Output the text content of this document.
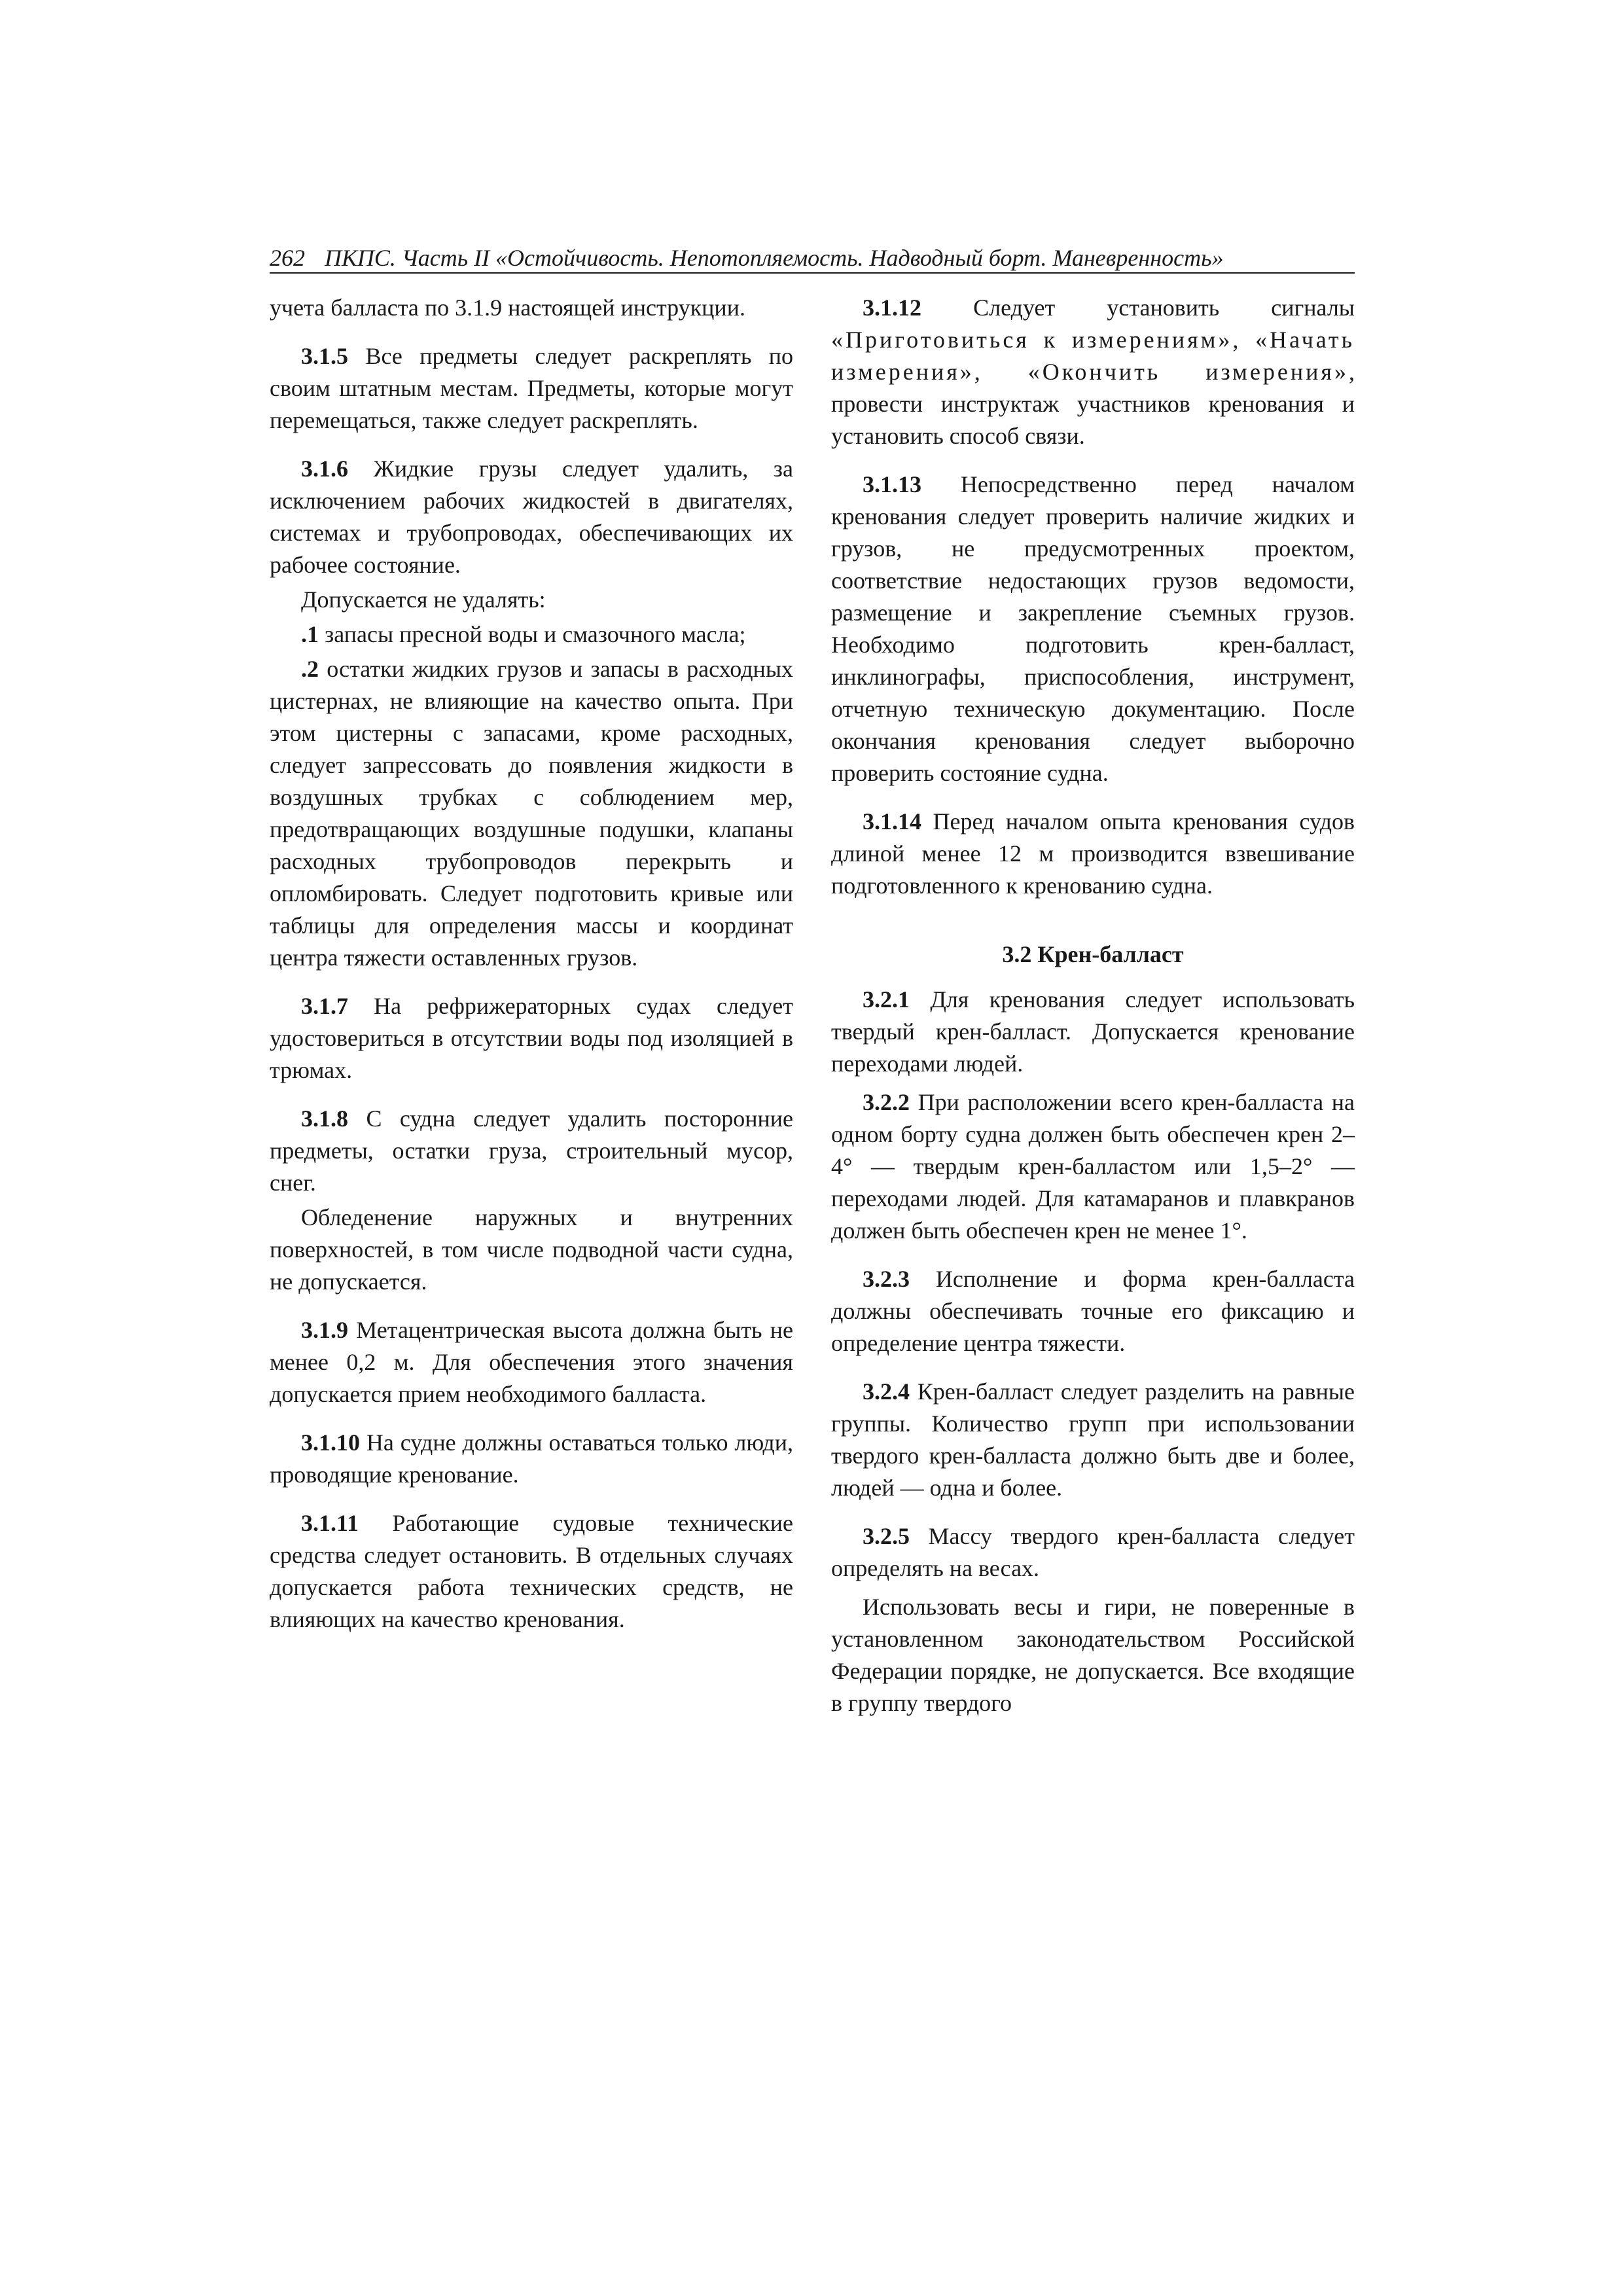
262 ПКПС. Часть II «Остойчивость. Непотопляемость. Надводный борт. Маневренность»

учета балласта по 3.1.9 настоящей инструкции.

3.1.5 Все предметы следует раскреплять по своим штатным местам. Предметы, которые могут перемещаться, также следует раскреплять.

3.1.6 Жидкие грузы следует удалить, за исключением рабочих жидкостей в двигателях, системах и трубопроводах, обеспечивающих их рабочее состояние.

Допускается не удалять:

.1 запасы пресной воды и смазочного масла;

.2 остатки жидких грузов и запасы в расходных цистернах, не влияющие на качество опыта. При этом цистерны с запасами, кроме расходных, следует запрессовать до появления жидкости в воздушных трубках с соблюдением мер, предотвращающих воздушные подушки, клапаны расходных трубопроводов перекрыть и опломбировать. Следует подготовить кривые или таблицы для определения массы и координат центра тяжести оставленных грузов.

3.1.7 На рефрижераторных судах следует удостовериться в отсутствии воды под изоляцией в трюмах.

3.1.8 С судна следует удалить посторонние предметы, остатки груза, строительный мусор, снег.

Обледенение наружных и внутренних поверхностей, в том числе подводной части судна, не допускается.

3.1.9 Метацентрическая высота должна быть не менее 0,2 м. Для обеспечения этого значения допускается прием необходимого балласта.

3.1.10 На судне должны оставаться только люди, проводящие кренование.

3.1.11 Работающие судовые технические средства следует остановить. В отдельных случаях допускается работа технических средств, не влияющих на качество кренования.

3.1.12 Следует установить сигналы «Приготовиться к измерениям», «Начать измерения», «Окончить измерения», провести инструктаж участников кренования и установить способ связи.

3.1.13 Непосредственно перед началом кренования следует проверить наличие жидких и грузов, не предусмотренных проектом, соответствие недостающих грузов ведомости, размещение и закрепление съемных грузов. Необходимо подготовить крен-балласт, инклинографы, приспособления, инструмент, отчетную техническую документацию. После окончания кренования следует выборочно проверить состояние судна.

3.1.14 Перед началом опыта кренования судов длиной менее 12 м производится взвешивание подготовленного к кренованию судна.

3.2 Крен-балласт

3.2.1 Для кренования следует использовать твердый крен-балласт. Допускается кренование переходами людей.

3.2.2 При расположении всего крен-балласта на одном борту судна должен быть обеспечен крен 2–4° — твердым крен-балластом или 1,5–2° — переходами людей. Для катамаранов и плавкранов должен быть обеспечен крен не менее 1°.

3.2.3 Исполнение и форма крен-балласта должны обеспечивать точные его фиксацию и определение центра тяжести.

3.2.4 Крен-балласт следует разделить на равные группы. Количество групп при использовании твердого крен-балласта должно быть две и более, людей — одна и более.

3.2.5 Массу твердого крен-балласта следует определять на весах.

Использовать весы и гири, не поверенные в установленном законодательством Российской Федерации порядке, не допускается. Все входящие в группу твердого
